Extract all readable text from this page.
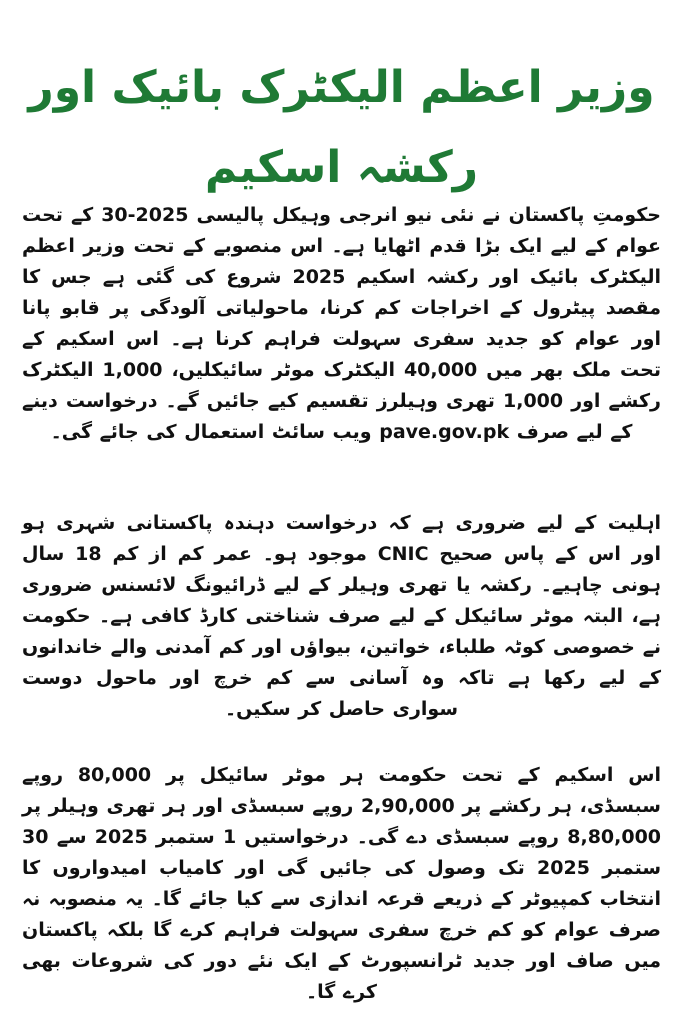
وزیر اعظم الیکٹرک بائیک اور رکشہ اسکیم

حکومتِ پاکستان نے نئی نیو انرجی وہیکل پالیسی 2025-30 کے تحت عوام کے لیے ایک بڑا قدم اٹھایا ہے۔ اس منصوبے کے تحت وزیر اعظم الیکٹرک بائیک اور رکشہ اسکیم 2025 شروع کی گئی ہے جس کا مقصد پیٹرول کے اخراجات کم کرنا، ماحولیاتی آلودگی پر قابو پانا اور عوام کو جدید سفری سہولت فراہم کرنا ہے۔ اس اسکیم کے تحت ملک بھر میں 40,000 الیکٹرک موٹر سائیکلیں، 1,000 الیکٹرک رکشے اور 1,000 تھری وہیلرز تقسیم کیے جائیں گے۔ درخواست دینے کے لیے صرف pave.gov.pk ویب سائٹ استعمال کی جائے گی۔

اہلیت کے لیے ضروری ہے کہ درخواست دہندہ پاکستانی شہری ہو اور اس کے پاس صحیح CNIC موجود ہو۔ عمر کم از کم 18 سال ہونی چاہیے۔ رکشہ یا تھری وہیلر کے لیے ڈرائیونگ لائسنس ضروری ہے، البتہ موٹر سائیکل کے لیے صرف شناختی کارڈ کافی ہے۔ حکومت نے خصوصی کوٹہ طلباء، خواتین، بیواؤں اور کم آمدنی والے خاندانوں کے لیے رکھا ہے تاکہ وہ آسانی سے کم خرچ اور ماحول دوست سواری حاصل کر سکیں۔

اس اسکیم کے تحت حکومت ہر موٹر سائیکل پر 80,000 روپے سبسڈی، ہر رکشے پر 2,90,000 روپے سبسڈی اور ہر تھری وہیلر پر 8,80,000 روپے سبسڈی دے گی۔ درخواستیں 1 ستمبر 2025 سے 30 ستمبر 2025 تک وصول کی جائیں گی اور کامیاب امیدواروں کا انتخاب کمپیوٹر کے ذریعے قرعہ اندازی سے کیا جائے گا۔ یہ منصوبہ نہ صرف عوام کو کم خرچ سفری سہولت فراہم کرے گا بلکہ پاکستان میں صاف اور جدید ٹرانسپورٹ کے ایک نئے دور کی شروعات بھی کرے گا۔
